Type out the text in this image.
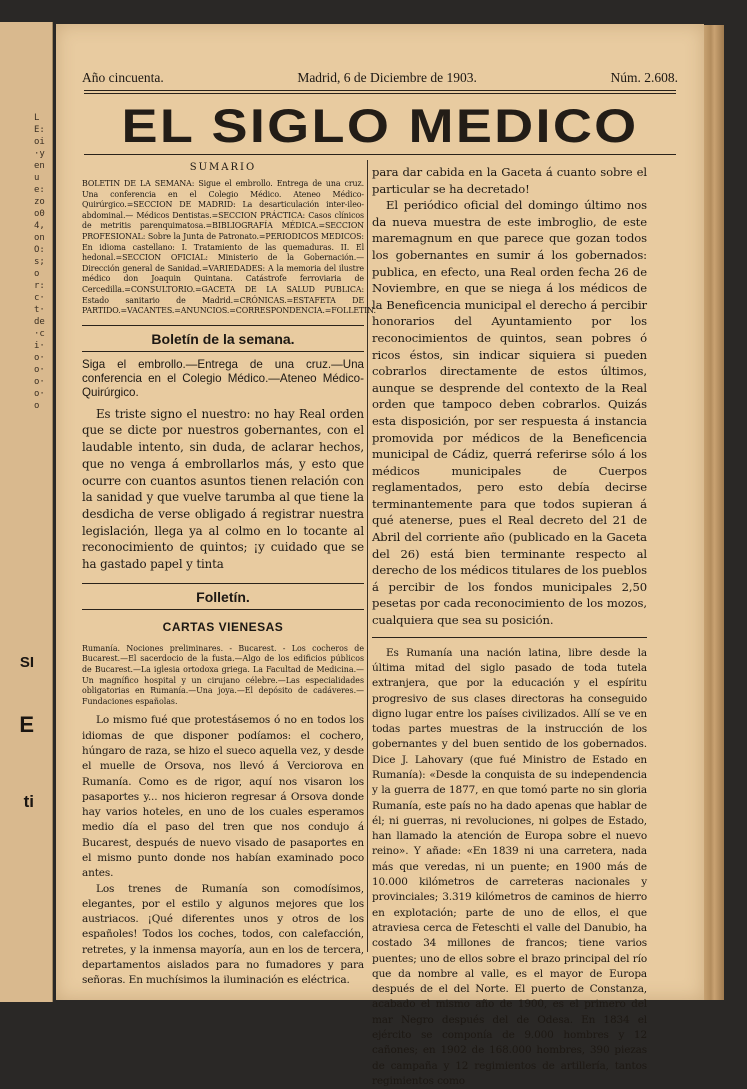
LE:oi·yenue:zoo04,onO:s;or:c·t·de·ci·o·o·o·o·o
SI
E
ti
Año cincuenta.	Madrid, 6 de Diciembre de 1903.	Núm. 2.608.
EL SIGLO MEDICO
SUMARIO
BOLETIN DE LA SEMANA: Sigue el embrollo. Entrega de una cruz. Una conferencia en el Colegio Médico. Ateneo Médico-Quirúrgico.=SECCION DE MADRID: La desarticulación inter-ileo-abdominal.— Médicos Dentistas.=SECCION PRÁCTICA: Casos clínicos de metritis parenquimatosa.=BIBLIOGRAFÍA MÉDICA.=SECCION PROFESIONAL: Sobre la Junta de Patronato.=PERIODICOS MEDICOS: En idioma castellano: I. Tratamiento de las quemaduras. II. El hedonal.=SECCION OFICIAL: Ministerio de la Gobernación.—Dirección general de Sanidad.=VARIEDADES: A la memoria del ilustre médico don Joaquin Quintana. Catástrofe ferroviaria de Cercedilla.=CONSULTORIO.=GACETA DE LA SALUD PUBLICA: Estado sanitario de Madrid.=CRÓNICAS.=ESTAFETA DE PARTIDO.=VACANTES.=ANUNCIOS.=CORRESPONDENCIA.=FOLLETIN.
Boletín de la semana.

Siga el embrollo.—Entrega de una cruz.—Una conferencia en el Colegio Médico.—Ateneo Médico-Quirúrgico.

Es triste signo el nuestro: no hay Real orden que se dicte por nuestros gobernantes, con el laudable intento, sin duda, de aclarar hechos, que no venga á embrollarlos más, y esto que ocurre con cuantos asuntos tienen relación con la sanidad y que vuelve tarumba al que tiene la desdicha de verse obligado á registrar nuestra legislación, llega ya al colmo en lo tocante al reconocimiento de quintos; ¡y cuidado que se ha gastado papel y tinta

Folletín.
CARTAS VIENESAS

Rumanía. Nociones preliminares. - Bucarest. - Los cocheros de Bucarest.—El sacerdocio de la fusta.—Algo de los edificios públicos de Bucarest.—La iglesia ortodoxa griega. La Facultad de Medicina.—Un magnífico hospital y un cirujano célebre.—Las especialidades obligatorias en Rumanía.—Una joya.—El depósito de cadáveres.—Fundaciones españolas.

Lo mismo fué que protestásemos ó no en todos los idiomas de que disponer podíamos: el cochero, húngaro de raza, se hizo el sueco aquella vez, y desde el muelle de Orsova, nos llevó á Verciorova en Rumanía. Como es de rigor, aquí nos visaron los pasaportes y... nos hicieron regresar á Orsova donde hay varios hoteles, en uno de los cuales esperamos medio día el paso del tren que nos condujo á Bucarest, después de nuevo visado de pasaportes en el mismo punto donde nos habían examinado poco antes.

Los trenes de Rumanía son comodísimos, elegantes, por el estilo y algunos mejores que los austriacos. ¡Qué diferentes unos y otros de los españoles! Todos los coches, todos, con calefacción, retretes, y la inmensa mayoría, aun en los de tercera, departamentos aislados para no fumadores y para señoras. En muchísimos la iluminación es eléctrica.

para dar cabida en la Gaceta á cuanto sobre el particular se ha decretado!

El periódico oficial del domingo último nos da nueva muestra de este imbroglio, de este maremagnum en que parece que gozan todos los gobernantes en sumir á los gobernados: publica, en efecto, una Real orden fecha 26 de Noviembre, en que se niega á los médicos de la Beneficencia municipal el derecho á percibir honorarios del Ayuntamiento por los reconocimientos de quintos, sean pobres ó ricos éstos, sin indicar siquiera si pueden cobrarlos directamente de estos últimos, aunque se desprende del contexto de la Real orden que tampoco deben cobrarlos. Quizás esta disposición, por ser respuesta á instancia promovida por médicos de la Beneficencia municipal de Cádiz, querrá referirse sólo á los médicos municipales de Cuerpos reglamentados, pero esto debía decirse terminantemente para que todos supieran á qué atenerse, pues el Real decreto del 21 de Abril del corriente año (publicado en la Gaceta del 26) está bien terminante respecto al derecho de los médicos titulares de los pueblos á percibir de los fondos municipales 2,50 pesetas por cada reconocimiento de los mozos, cualquiera que sea su posición.

Es Rumanía una nación latina, libre desde la última mitad del siglo pasado de toda tutela extranjera, que por la educación y el espíritu progresivo de sus clases directoras ha conseguido digno lugar entre los países civilizados. Allí se ve en todas partes muestras de la instrucción de los gobernantes y del buen sentido de los gobernados. Dice J. Lahovary (que fué Ministro de Estado en Rumanía): «Desde la conquista de su independencia y la guerra de 1877, en que tomó parte no sin gloria Rumanía, este país no ha dado apenas que hablar de él; ni guerras, ni revoluciones, ni golpes de Estado, han llamado la atención de Europa sobre el nuevo reino». Y añade: «En 1839 ni una carretera, nada más que veredas, ni un puente; en 1900 más de 10.000 kilómetros de carreteras nacionales y provinciales; 3.319 kilómetros de caminos de hierro en explotación; parte de uno de ellos, el que atraviesa cerca de Feteschti el valle del Danubio, ha costado 34 millones de francos; tiene varios puentes; uno de ellos sobre el brazo principal del río que da nombre al valle, es el mayor de Europa después de el del Norte. El puerto de Constanza, acabado el mismo año de 1900, es el primero del mar Negro después del de Odesa. En 1834 el ejército se componía de 9.000 hombres y 12 cañones; en 1902 de 168.000 hombres, 390 piezas de campaña y 12 regimientos de artillería, tantos regimientos como
